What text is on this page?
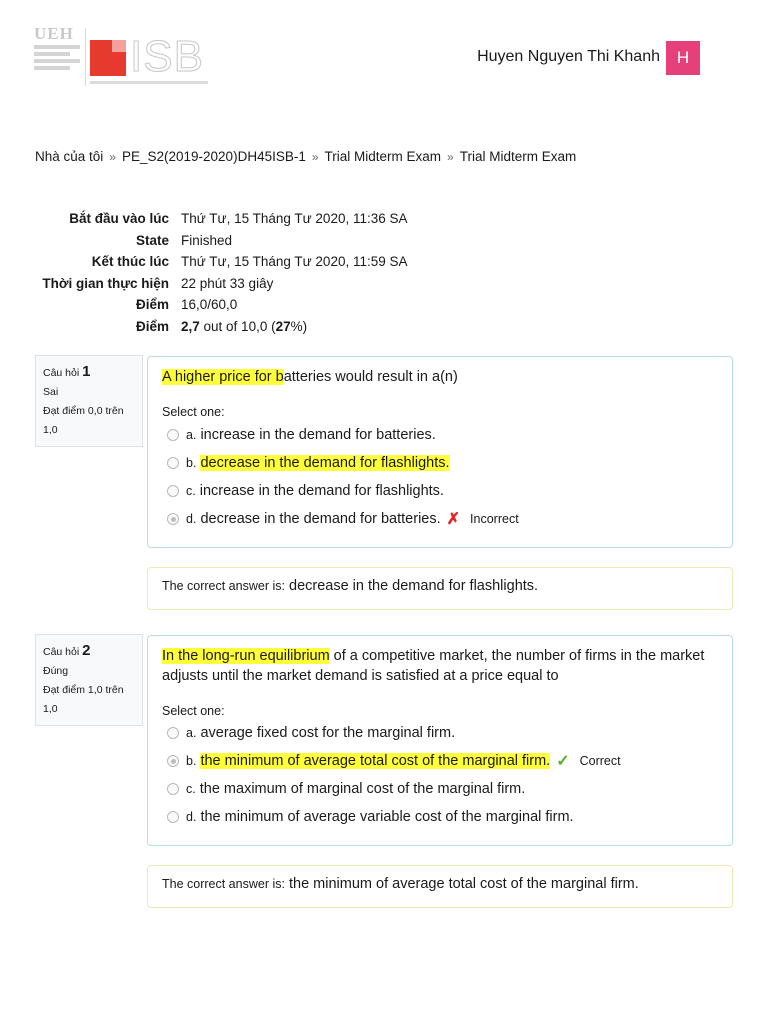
UEH ISB	Huyen Nguyen Thi Khanh H
Nhà của tôi » PE_S2(2019-2020)DH45ISB-1 » Trial Midterm Exam » Trial Midterm Exam
Bắt đầu vào lúc Thứ Tư, 15 Tháng Tư 2020, 11:36 SA
State Finished
Kết thúc lúc Thứ Tư, 15 Tháng Tư 2020, 11:59 SA
Thời gian thực hiện 22 phút 33 giây
Điểm 16,0/60,0
Điểm 2,7 out of 10,0 (27%)
Câu hỏi 1
Sai
Đạt điểm 0,0 trên 1,0
A higher price for batteries would result in a(n)
Select one:
a. increase in the demand for batteries.
b. decrease in the demand for flashlights.
c. increase in the demand for flashlights.
d. decrease in the demand for batteries. ✗ Incorrect
The correct answer is: decrease in the demand for flashlights.
Câu hỏi 2
Đúng
Đạt điểm 1,0 trên 1,0
In the long-run equilibrium of a competitive market, the number of firms in the market adjusts until the market demand is satisfied at a price equal to
Select one:
a. average fixed cost for the marginal firm.
b. the minimum of average total cost of the marginal firm. ✓ Correct
c. the maximum of marginal cost of the marginal firm.
d. the minimum of average variable cost of the marginal firm.
The correct answer is: the minimum of average total cost of the marginal firm.
